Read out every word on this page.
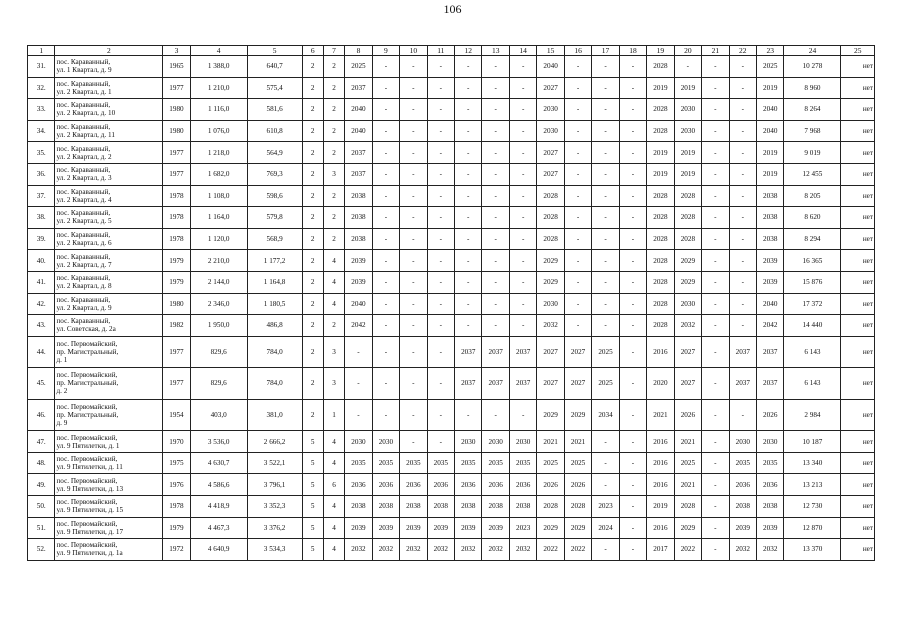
106
1	2	3	4	5	6	7	8	9	10	11	12	13	14	15	16	17	18	19	20	21	22	23	24	25
31.	пос. Караванный,
ул. 1 Квартал, д. 9	1965	1 388,0	640,7	2	2	2025	-	-	-	-	-	-	2040	-	-	-	2028	-	-	-	2025	10 278	нет
32.	пос. Караванный,
ул. 2 Квартал, д. 1	1977	1 210,0	575,4	2	2	2037	-	-	-	-	-	-	2027	-	-	-	2019	2019	-	-	2019	8 960	нет
33.	пос. Караванный,
ул. 2 Квартал, д. 10	1980	1 116,0	581,6	2	2	2040	-	-	-	-	-	-	2030	-	-	-	2028	2030	-	-	2040	8 264	нет
34.	пос. Караванный,
ул. 2 Квартал, д. 11	1980	1 076,0	610,8	2	2	2040	-	-	-	-	-	-	2030	-	-	-	2028	2030	-	-	2040	7 968	нет
35.	пос. Караванный,
ул. 2 Квартал, д. 2	1977	1 218,0	564,9	2	2	2037	-	-	-	-	-	-	2027	-	-	-	2019	2019	-	-	2019	9 019	нет
36.	пос. Караванный,
ул. 2 Квартал, д. 3	1977	1 682,0	769,3	2	3	2037	-	-	-	-	-	-	2027	-	-	-	2019	2019	-	-	2019	12 455	нет
37.	пос. Караванный,
ул. 2 Квартал, д. 4	1978	1 108,0	598,6	2	2	2038	-	-	-	-	-	-	2028	-	-	-	2028	2028	-	-	2038	8 205	нет
38.	пос. Караванный,
ул. 2 Квартал, д. 5	1978	1 164,0	579,8	2	2	2038	-	-	-	-	-	-	2028	-	-	-	2028	2028	-	-	2038	8 620	нет
39.	пос. Караванный,
ул. 2 Квартал, д. 6	1978	1 120,0	568,9	2	2	2038	-	-	-	-	-	-	2028	-	-	-	2028	2028	-	-	2038	8 294	нет
40.	пос. Караванный,
ул. 2 Квартал, д. 7	1979	2 210,0	1 177,2	2	4	2039	-	-	-	-	-	-	2029	-	-	-	2028	2029	-	-	2039	16 365	нет
41.	пос. Караванный,
ул. 2 Квартал, д. 8	1979	2 144,0	1 164,8	2	4	2039	-	-	-	-	-	-	2029	-	-	-	2028	2029	-	-	2039	15 876	нет
42.	пос. Караванный,
ул. 2 Квартал, д. 9	1980	2 346,0	1 180,5	2	4	2040	-	-	-	-	-	-	2030	-	-	-	2028	2030	-	-	2040	17 372	нет
43.	пос. Караванный,
ул. Советская, д. 2а	1982	1 950,0	486,8	2	2	2042	-	-	-	-	-	-	2032	-	-	-	2028	2032	-	-	2042	14 440	нет
44.	пос. Первомайский,
пр. Магистральный,
д. 1	1977	829,6	784,0	2	3	-	-	-	-	2037	2037	2037	2027	2027	2025	-	2016	2027	-	2037	2037	6 143	нет
45.	пос. Первомайский,
пр. Магистральный,
д. 2	1977	829,6	784,0	2	3	-	-	-	-	2037	2037	2037	2027	2027	2025	-	2020	2027	-	2037	2037	6 143	нет
46.	пос. Первомайский,
пр. Магистральный,
д. 9	1954	403,0	381,0	2	1	-	-	-	-	-	-	-	2029	2029	2034	-	2021	2026	-	-	2026	2 984	нет
47.	пос. Первомайский,
ул. 9 Пятилетки, д. 1	1970	3 536,0	2 666,2	5	4	2030	2030	-	-	2030	2030	2030	2021	2021	-	-	2016	2021	-	2030	2030	10 187	нет
48.	пос. Первомайский,
ул. 9 Пятилетки, д. 11	1975	4 630,7	3 522,1	5	4	2035	2035	2035	2035	2035	2035	2035	2025	2025	-	-	2016	2025	-	2035	2035	13 340	нет
49.	пос. Первомайский,
ул. 9 Пятилетки, д. 13	1976	4 586,6	3 796,1	5	6	2036	2036	2036	2036	2036	2036	2036	2026	2026	-	-	2016	2021	-	2036	2036	13 213	нет
50.	пос. Первомайский,
ул. 9 Пятилетки, д. 15	1978	4 418,9	3 352,3	5	4	2038	2038	2038	2038	2038	2038	2038	2028	2028	2023	-	2019	2028	-	2038	2038	12 730	нет
51.	пос. Первомайский,
ул. 9 Пятилетки, д. 17	1979	4 467,3	3 376,2	5	4	2039	2039	2039	2039	2039	2039	2023	2029	2029	2024	-	2016	2029	-	2039	2039	12 870	нет
52.	пос. Первомайский,
ул. 9 Пятилетки, д. 1а	1972	4 640,9	3 534,3	5	4	2032	2032	2032	2032	2032	2032	2032	2022	2022	-	-	2017	2022	-	2032	2032	13 370	нет
